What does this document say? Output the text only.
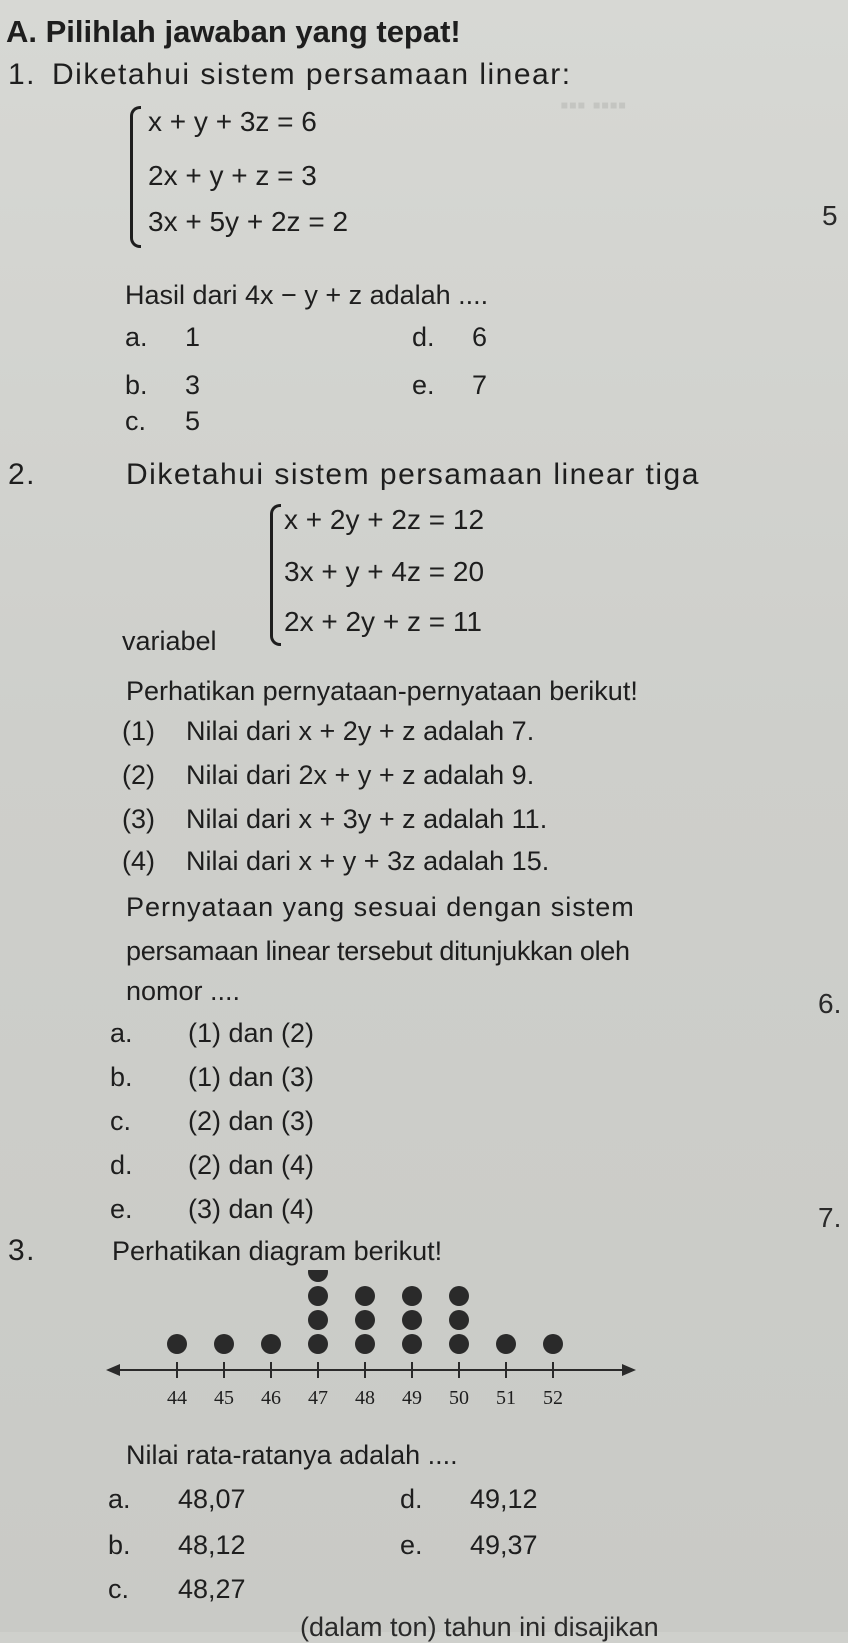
▪▪▪ ▪▪▪▪
A. Pilihlah jawaban yang tepat!
1. Diketahui sistem persamaan linear:
x + y + 3z = 6
2x + y + z = 3
3x + 5y + 2z = 2
Hasil dari 4x − y + z adalah ....
a. 1
b. 3
c. 5
d. 6
e. 7
5
2.	Diketahui sistem persamaan linear tiga
x + 2y + 2z = 12
3x + y + 4z = 20
2x + 2y + z = 11
variabel
Perhatikan pernyataan-pernyataan berikut!
(1) Nilai dari x + 2y + z adalah 7.
(2) Nilai dari 2x + y + z adalah 9.
(3) Nilai dari x + 3y + z adalah 11.
(4) Nilai dari x + y + 3z adalah 15.
Pernyataan yang sesuai dengan sistem
persamaan linear tersebut ditunjukkan oleh
nomor ....
a. (1) dan (2)
b. (1) dan (3)
c. (2) dan (3)
d. (2) dan (4)
e. (3) dan (4)
6.
7.
3.	Perhatikan diagram berikut!
44 45 46 47 48 49 50 51 52
Nilai rata-ratanya adalah ....
a. 48,07
b. 48,12
c. 48,27
d. 49,12
e. 49,37
(dalam ton) tahun ini disajikan
